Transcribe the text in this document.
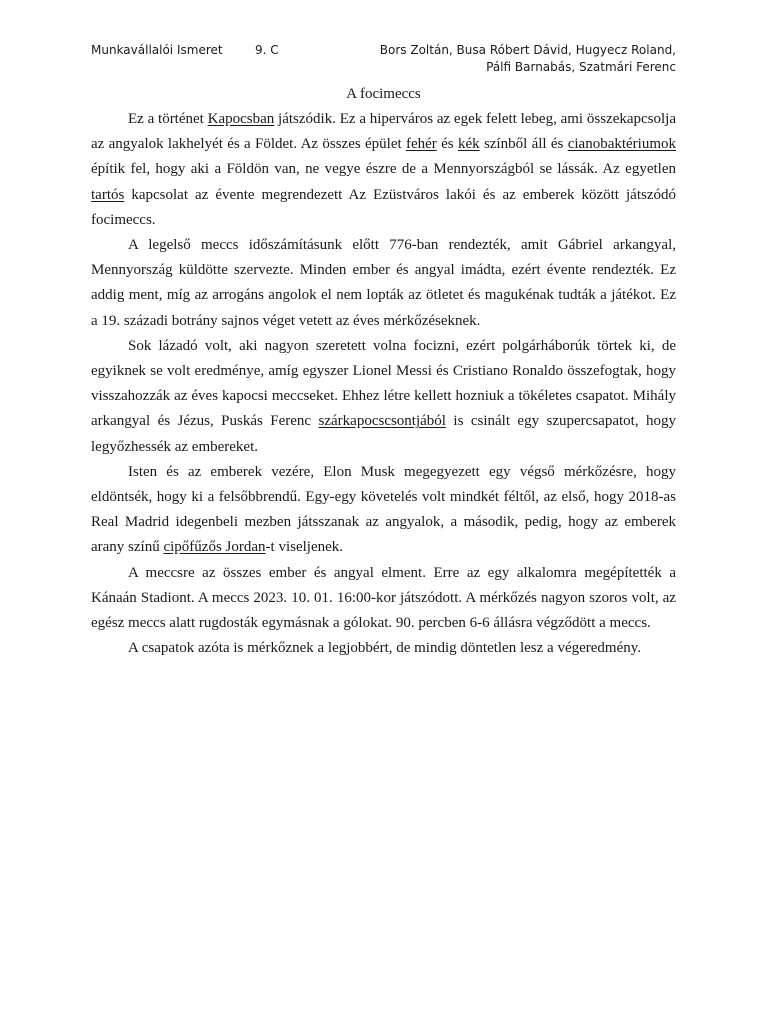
Munkavállalói Ismeret	9. C	Bors Zoltán, Busa Róbert Dávid, Hugyecz Roland,
Pálfi Barnabás, Szatmári Ferenc
A focimeccs

Ez a történet Kapocsban játszódik. Ez a hiperváros az egek felett lebeg, ami összekapcsolja az angyalok lakhelyét és a Földet. Az összes épület fehér és kék színből áll és cianobaktériumok építik fel, hogy aki a Földön van, ne vegye észre de a Mennyországból se lássák. Az egyetlen tartós kapcsolat az évente megrendezett Az Ezüstváros lakói és az emberek között játszódó focimeccs.

A legelső meccs időszámításunk előtt 776-ban rendezték, amit Gábriel arkangyal, Mennyország küldötte szervezte. Minden ember és angyal imádta, ezért évente rendezték. Ez addig ment, míg az arrogáns angolok el nem lopták az ötletet és magukénak tudták a játékot. Ez a 19. századi botrány sajnos véget vetett az éves mérkőzéseknek.

Sok lázadó volt, aki nagyon szeretett volna focizni, ezért polgárháborúk törtek ki, de egyiknek se volt eredménye, amíg egyszer Lionel Messi és Cristiano Ronaldo összefogtak, hogy visszahozzák az éves kapocsi meccseket. Ehhez létre kellett hozniuk a tökéletes csapatot. Mihály arkangyal és Jézus, Puskás Ferenc szárkapocscsontjából is csinált egy szupercsapatot, hogy legyőzhessék az embereket.

Isten és az emberek vezére, Elon Musk megegyezett egy végső mérkőzésre, hogy eldöntsék, hogy ki a felsőbbrendű. Egy-egy követelés volt mindkét féltől, az első, hogy 2018-as Real Madrid idegenbeli mezben játsszanak az angyalok, a második, pedig, hogy az emberek arany színű cipőfűzős Jordan-t viseljenek.

A meccsre az összes ember és angyal elment. Erre az egy alkalomra megépítették a Kánaán Stadiont. A meccs 2023. 10. 01. 16:00-kor játszódott. A mérkőzés nagyon szoros volt, az egész meccs alatt rugdosták egymásnak a gólokat. 90. percben 6-6 állásra végződött a meccs.

A csapatok azóta is mérkőznek a legjobbért, de mindig döntetlen lesz a végeredmény.
